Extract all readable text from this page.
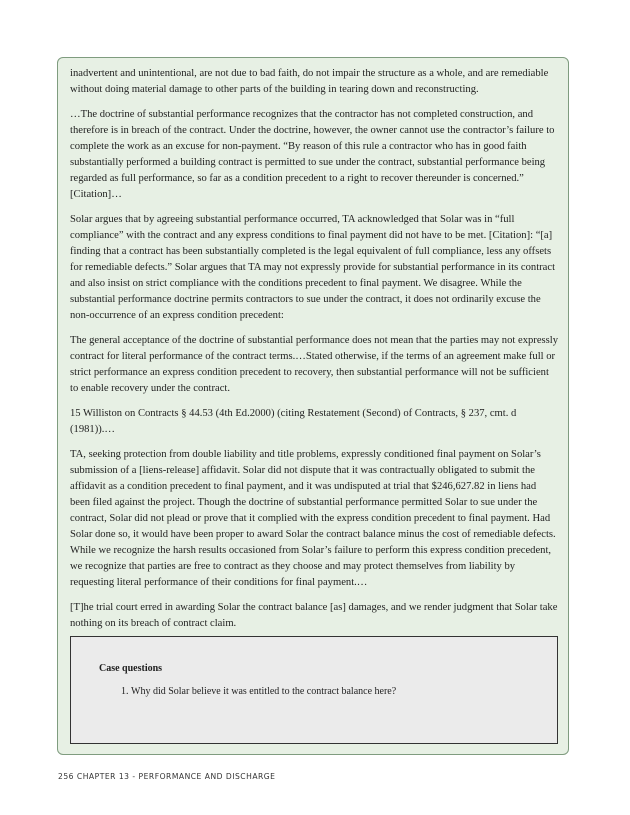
inadvertent and unintentional, are not due to bad faith, do not impair the structure as a whole, and are remediable without doing material damage to other parts of the building in tearing down and reconstructing.

…The doctrine of substantial performance recognizes that the contractor has not completed construction, and therefore is in breach of the contract. Under the doctrine, however, the owner cannot use the contractor’s failure to complete the work as an excuse for non-payment. “By reason of this rule a contractor who has in good faith substantially performed a building contract is permitted to sue under the contract, substantial performance being regarded as full performance, so far as a condition precedent to a right to recover thereunder is concerned.” [Citation]…

Solar argues that by agreeing substantial performance occurred, TA acknowledged that Solar was in “full compliance” with the contract and any express conditions to final payment did not have to be met. [Citation]: “[a] finding that a contract has been substantially completed is the legal equivalent of full compliance, less any offsets for remediable defects.” Solar argues that TA may not expressly provide for substantial performance in its contract and also insist on strict compliance with the conditions precedent to final payment. We disagree. While the substantial performance doctrine permits contractors to sue under the contract, it does not ordinarily excuse the non-occurrence of an express condition precedent:

The general acceptance of the doctrine of substantial performance does not mean that the parties may not expressly contract for literal performance of the contract terms.…Stated otherwise, if the terms of an agreement make full or strict performance an express condition precedent to recovery, then substantial performance will not be sufficient to enable recovery under the contract.

15 Williston on Contracts § 44.53 (4th Ed.2000) (citing Restatement (Second) of Contracts, § 237, cmt. d (1981)).…

TA, seeking protection from double liability and title problems, expressly conditioned final payment on Solar’s submission of a [liens-release] affidavit. Solar did not dispute that it was contractually obligated to submit the affidavit as a condition precedent to final payment, and it was undisputed at trial that $246,627.82 in liens had been filed against the project. Though the doctrine of substantial performance permitted Solar to sue under the contract, Solar did not plead or prove that it complied with the express condition precedent to final payment. Had Solar done so, it would have been proper to award Solar the contract balance minus the cost of remediable defects. While we recognize the harsh results occasioned from Solar’s failure to perform this express condition precedent, we recognize that parties are free to contract as they choose and may protect themselves from liability by requesting literal performance of their conditions for final payment.…

[T]he trial court erred in awarding Solar the contract balance [as] damages, and we render judgment that Solar take nothing on its breach of contract claim.

Case questions
1. Why did Solar believe it was entitled to the contract balance here?
256 CHAPTER 13 - PERFORMANCE AND DISCHARGE
